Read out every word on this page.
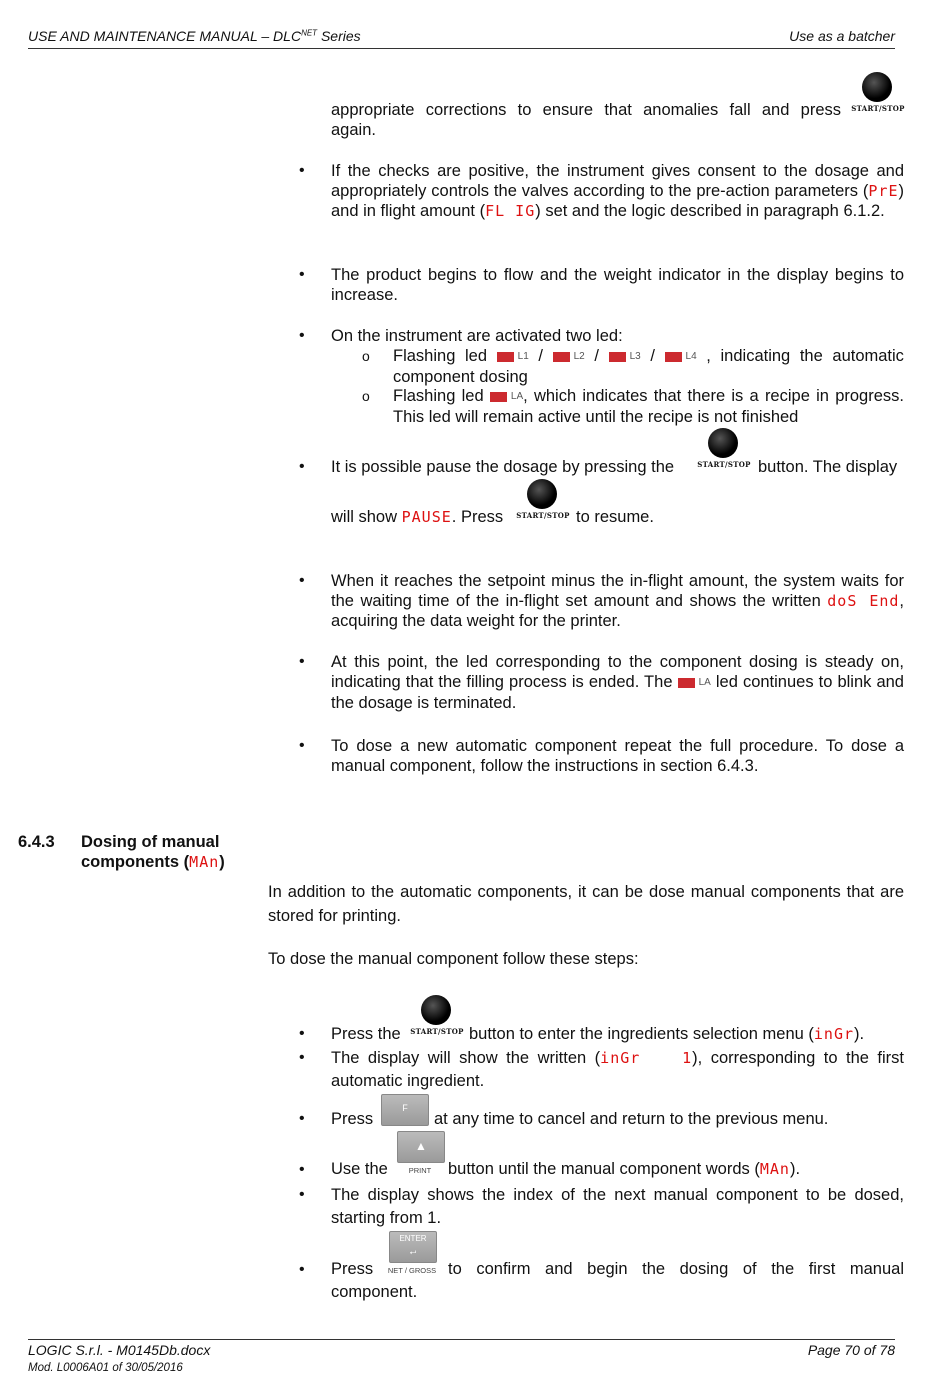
USE AND MAINTENANCE MANUAL – $DLC^{NET}$ Series	Use as a batcher
appropriate corrections to ensure that anomalies fall and press	START/STOP
again.
• If the checks are positive, the instrument gives consent to the dosage and appropriately controls the valves according to the pre-action parameters (PrE) and in flight amount (FL IG) set and the logic described in paragraph 6.1.2.
• The product begins to flow and the weight indicator in the display begins to increase.
• On the instrument are activated two led:
o Flashing led	L1 /	L2 /	L3 /	L4 , indicating the automatic component dosing
o Flashing led	LA, which indicates that there is a recipe in progress. This led will remain active until the recipe is not finished
START/STOP
• It is possible pause the dosage by pressing the	button. The display
START/STOP
will show PAUSE. Press	to resume.
• When it reaches the setpoint minus the in-flight amount, the system waits for the waiting time of the in-flight set amount and shows the written doS End, acquiring the data weight for the printer.
• At this point, the led corresponding to the component dosing is steady on, indicating that the filling process is ended. The	LA led continues to blink and the dosage is terminated.
• To dose a new automatic component repeat the full procedure. To dose a manual component, follow the instructions in section 6.4.3.
6.4.3 Dosing of manual
components (MAn)
In addition to the automatic components, it can be dose manual components that are stored for printing.
To dose the manual component follow these steps:
START/STOP
• Press the	button to enter the ingredients selection menu (inGr).
• The display will show the written (inGr   1), corresponding to the first automatic ingredient.
F
• Press	at any time to cancel and return to the previous menu.
▲
PRINT
• Use the	button until the manual component words (MAn).
• The display shows the index of the next manual component to be dosed, starting from 1.
ENTER
⮠
NET / GROSS
• Press	to confirm and begin the dosing of the first manual
component.
LOGIC S.r.l. - M0145Db.docx	Page 70 of 78
Mod. L0006A01 of 30/05/2016
